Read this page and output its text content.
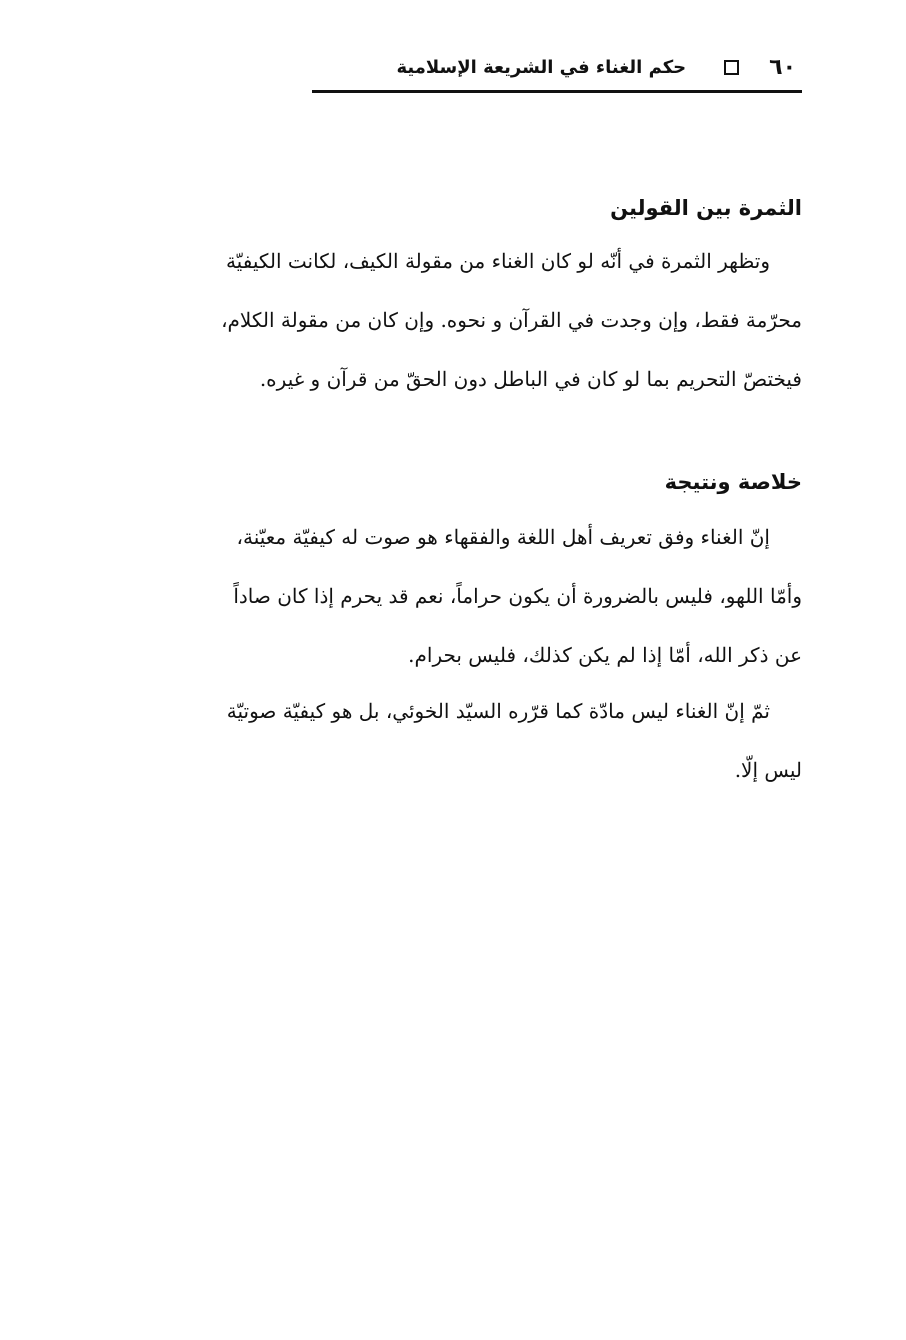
٦٠
حكم الغناء في الشريعة الإسلامية
الثمرة بين القولين
وتظهر الثمرة في أنّه لو كان الغناء من مقولة الكيف، لكانت الكيفيّة
محرّمة فقط، وإن وجدت في القرآن و نحوه. وإن كان من مقولة الكلام،
فيختصّ التحريم بما لو كان في الباطل دون الحقّ من قرآن و غيره.
خلاصة ونتيجة
إنّ الغناء وفق تعريف أهل اللغة والفقهاء هو صوت له كيفيّة معيّنة،
وأمّا اللهو، فليس بالضرورة أن يكون حراماً، نعم قد يحرم إذا كان صاداً
عن ذكر الله، أمّا إذا لم يكن كذلك، فليس بحرام.
ثمّ إنّ الغناء ليس مادّة كما قرّره السيّد الخوئي، بل هو كيفيّة صوتيّة
ليس إلّا.
